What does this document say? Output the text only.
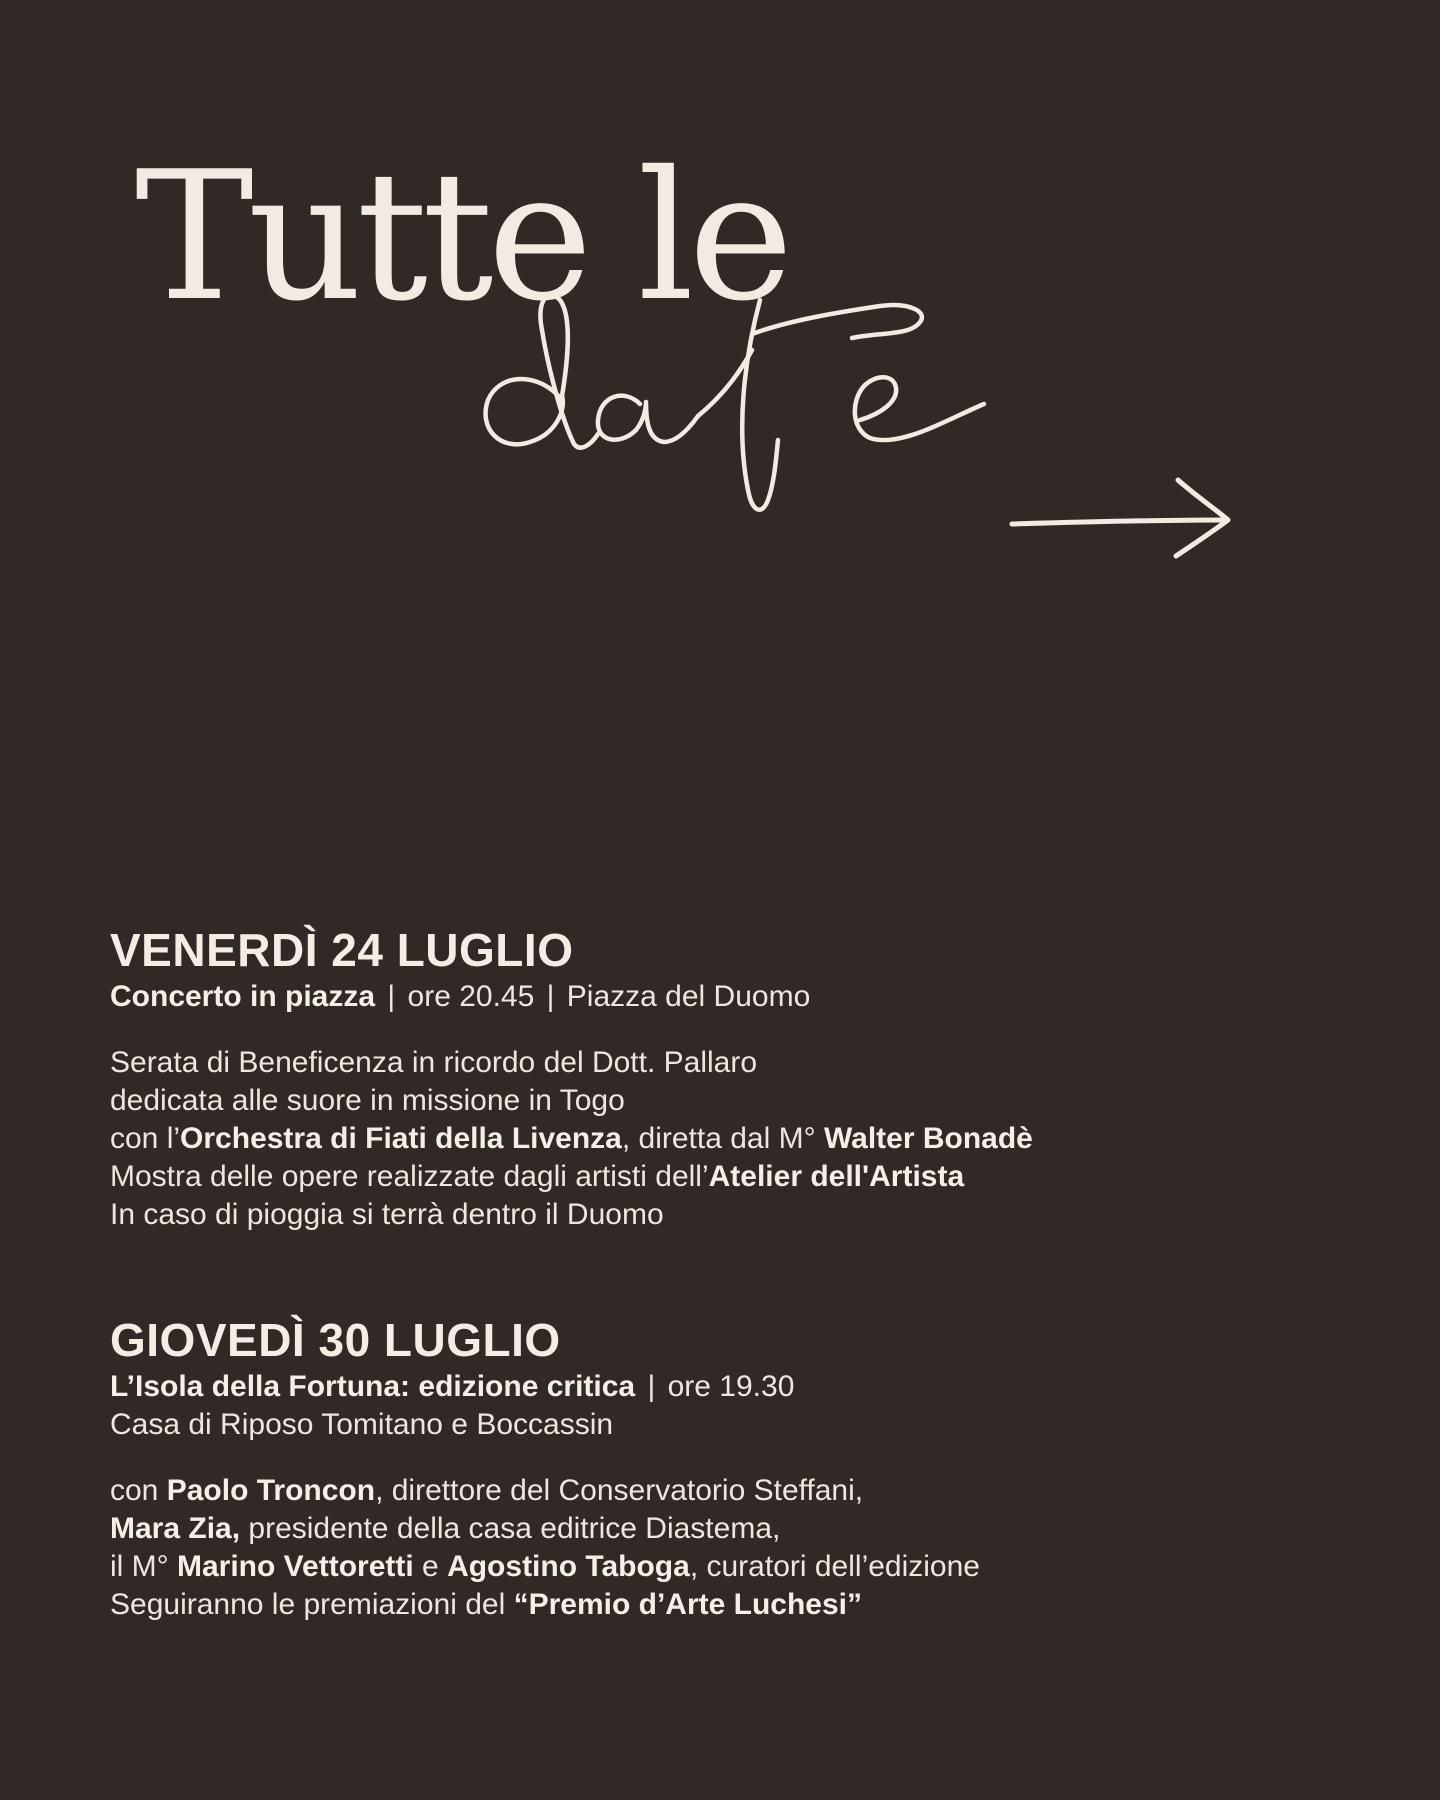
Tutte le
VENERDÌ 24 LUGLIO

Concerto in piazza | ore 20.45 | Piazza del Duomo

Serata di Beneficenza in ricordo del Dott. Pallaro

dedicata alle suore in missione in Togo

con l’Orchestra di Fiati della Livenza, diretta dal M° Walter Bonadè

Mostra delle opere realizzate dagli artisti dell’Atelier dell'Artista

In caso di pioggia si terrà dentro il Duomo

GIOVEDÌ 30 LUGLIO

L’Isola della Fortuna: edizione critica | ore 19.30

Casa di Riposo Tomitano e Boccassin

con Paolo Troncon, direttore del Conservatorio Steffani,

Mara Zia, presidente della casa editrice Diastema,

il M° Marino Vettoretti e Agostino Taboga, curatori dell’edizione

Seguiranno le premiazioni del “Premio d’Arte Luchesi”
